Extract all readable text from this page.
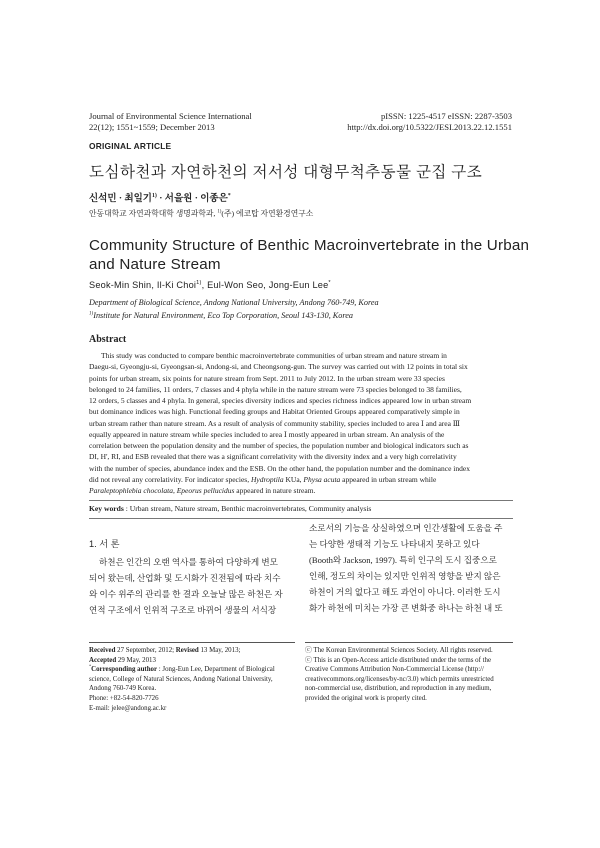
Journal of Environmental Science International
22(12); 1551~1559; December 2013
pISSN: 1225-4517 eISSN: 2287-3503
http://dx.doi.org/10.5322/JESI.2013.22.12.1551
ORIGINAL ARTICLE
도심하천과 자연하천의 저서성 대형무척추동물 군집 구조
신석민 · 최일기$^{1)}$ · 서을원 · 이종은*
안동대학교 자연과학대학 생명과학과, $^{1)}$(주) 에코탑 자연환경연구소
Community Structure of Benthic Macroinvertebrate in the Urban
and Nature Stream
Seok-Min Shin, Il-Ki Choi$^{1)}$, Eul-Won Seo, Jong-Eun Lee*
Department of Biological Science, Andong National University, Andong 760-749, Korea
$^{1)}$Institute for Natural Environment, Eco Top Corporation, Seoul 143-130, Korea
Abstract
This study was conducted to compare benthic macroinvertebrate communities of urban stream and nature stream in
Daegu-si, Gyeongju-si, Gyeongsan-si, Andong-si, and Cheongsong-gun. The survey was carried out with 12 points in total six
points for urban stream, six points for nature stream from Sept. 2011 to July 2012. In the urban stream were 33 species
belonged to 24 families, 11 orders, 7 classes and 4 phyla while in the nature stream were 73 species belonged to 38 families,
12 orders, 5 classes and 4 phyla. In general, species diversity indices and species richness indices appeared low in urban stream
but dominance indices was high. Functional feeding groups and Habitat Oriented Groups appeared comparatively simple in
urban stream rather than nature stream. As a result of analysis of community stability, species included to area Ⅰ and area Ⅲ
equally appeared in nature stream while species included to area Ⅰ mostly appeared in urban stream. An analysis of the
correlation between the population density and the number of species, the population number and biological indicators such as
DI, H', RI, and ESB revealed that there was a significant correlativity with the diversity index and a very high correlativity
with the number of species, abundance index and the ESB. On the other hand, the population number and the dominance index
did not reveal any correlativity. For indicator species, Hydroptila KUa, Physa acuta appeared in urban stream while
Paraleptophlebia chocolata, Epeorus pellucidus appeared in nature stream.
Key words : Urban stream, Nature stream, Benthic macroinvertebrates, Community analysis
1. 서 론
하천은 인간의 오랜 역사를 통하여 다양하게 변모
되어 왔는데, 산업화 및 도시화가 진전됨에 따라 치수
와 이수 위주의 관리를 한 결과 오늘날 많은 하천은 자
연적 구조에서 인위적 구조로 바뀌어 생물의 서식장
소로서의 기능을 상실하였으며 인간생활에 도움을 주
는 다양한 생태적 기능도 나타내지 못하고 있다
(Booth와 Jackson, 1997). 특히 인구의 도시 집중으로
인해, 정도의 차이는 있지만 인위적 영향을 받지 않은
하천이 거의 없다고 해도 과언이 아니다. 이러한 도시
화가 하천에 미치는 가장 큰 변화중 하나는 하천 내 또

Received 27 September, 2012; Revised 13 May, 2013;

Accepted 29 May, 2013

*Corresponding author : Jong-Eun Lee, Department of Biological

science, College of Natural Sciences, Andong National University,

Andong 760-749 Korea.

Phone: +82-54-820-7726

E-mail: jelee@andong.ac.kr

ⓒ The Korean Environmental Sciences Society. All rights reserved.

ⓒ This is an Open-Access article distributed under the terms of the

Creative Commons Attribution Non-Commercial License (http://

creativecommons.org/licenses/by-nc/3.0) which permits unrestricted

non-commercial use, distribution, and reproduction in any medium,

provided the original work is properly cited.
